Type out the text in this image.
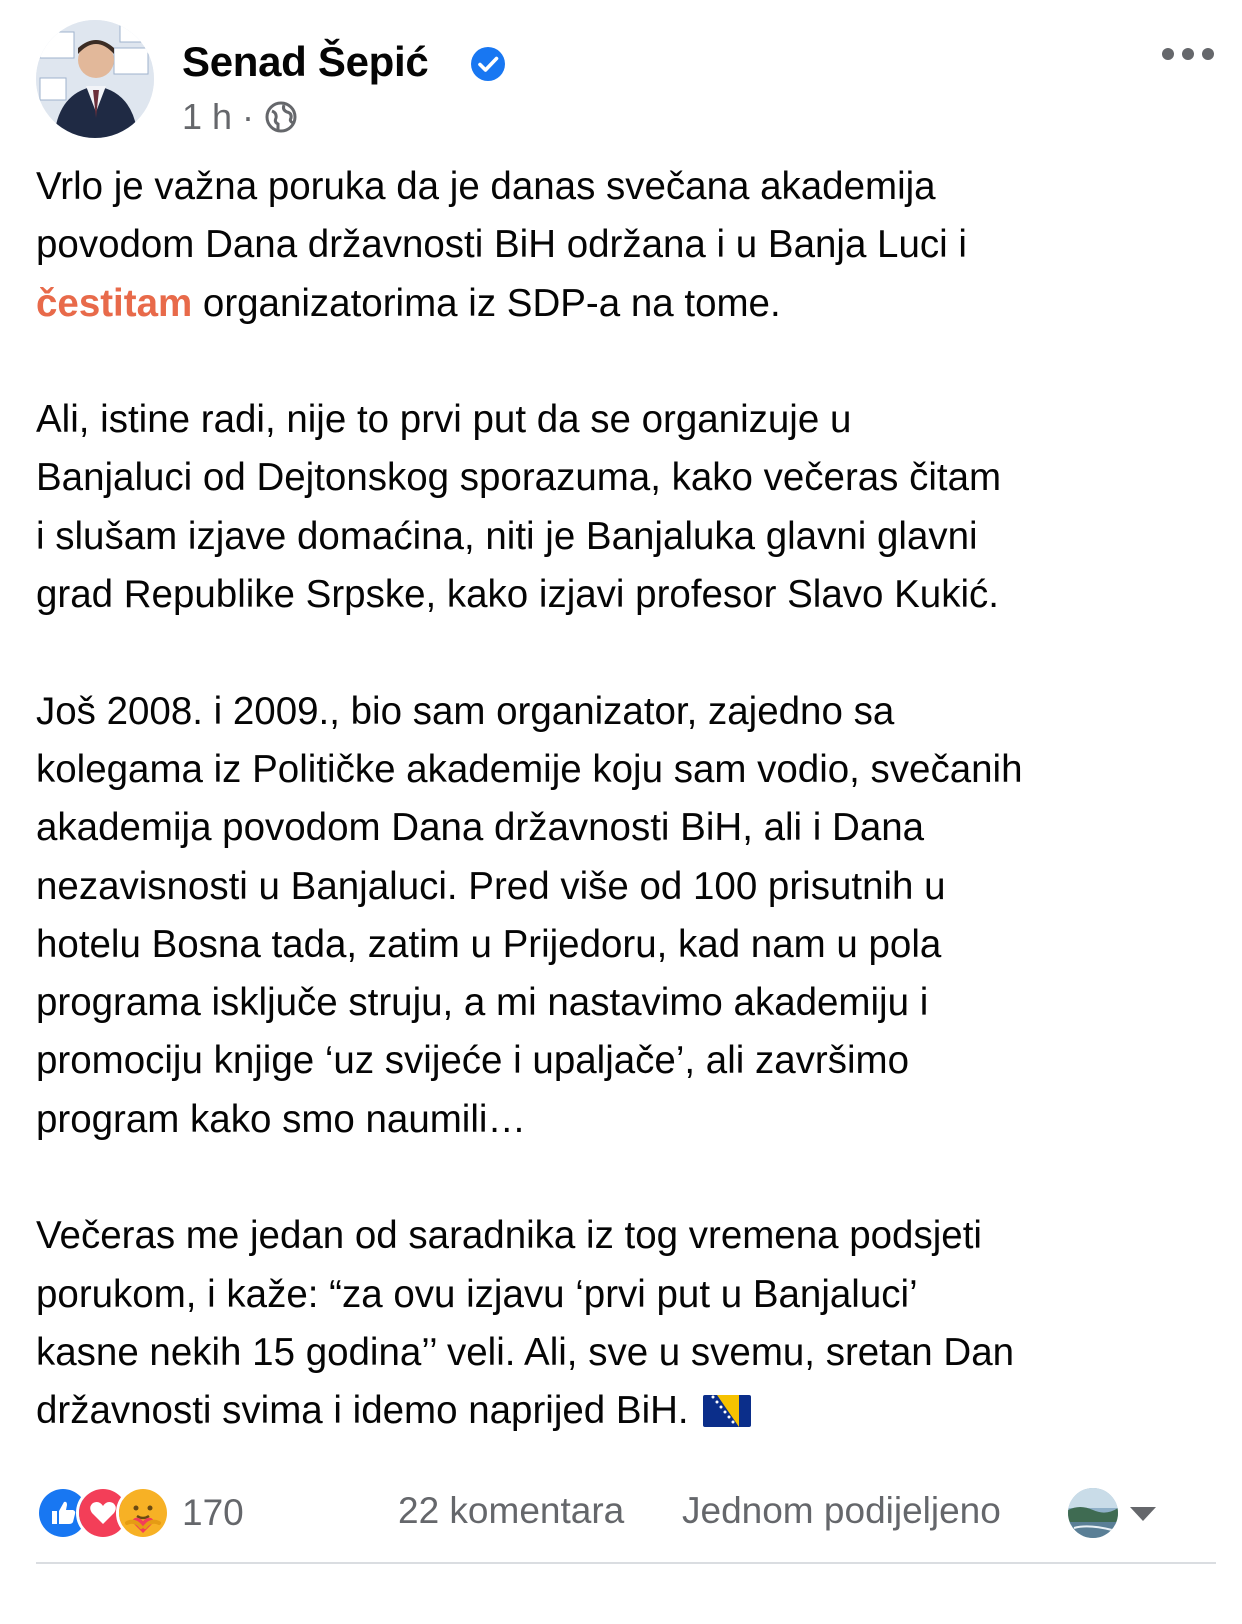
Senad Šepić
1 h ·

Vrlo je važna poruka da je danas svečana akademija
povodom Dana državnosti BiH održana i u Banja Luci i
čestitam organizatorima iz SDP-a na tome.

Ali, istine radi, nije to prvi put da se organizuje u
Banjaluci od Dejtonskog sporazuma, kako večeras čitam
i slušam izjave domaćina, niti je Banjaluka glavni glavni
grad Republike Srpske, kako izjavi profesor Slavo Kukić.

Još 2008. i 2009., bio sam organizator, zajedno sa
kolegama iz Političke akademije koju sam vodio, svečanih
akademija povodom Dana državnosti BiH, ali i Dana
nezavisnosti u Banjaluci. Pred više od 100 prisutnih u
hotelu Bosna tada, zatim u Prijedoru, kad nam u pola
programa isključe struju, a mi nastavimo akademiju i
promociju knjige ‘uz svijeće i upaljače’, ali završimo
program kako smo naumili…

Večeras me jedan od saradnika iz tog vremena podsjeti
porukom, i kaže: “za ovu izjavu ‘prvi put u Banjaluci’
kasne nekih 15 godina’’ veli. Ali, sve u svemu, sretan Dan
državnosti svima i idemo naprijed BiH.

170	22 komentara Jednom podijeljeno
